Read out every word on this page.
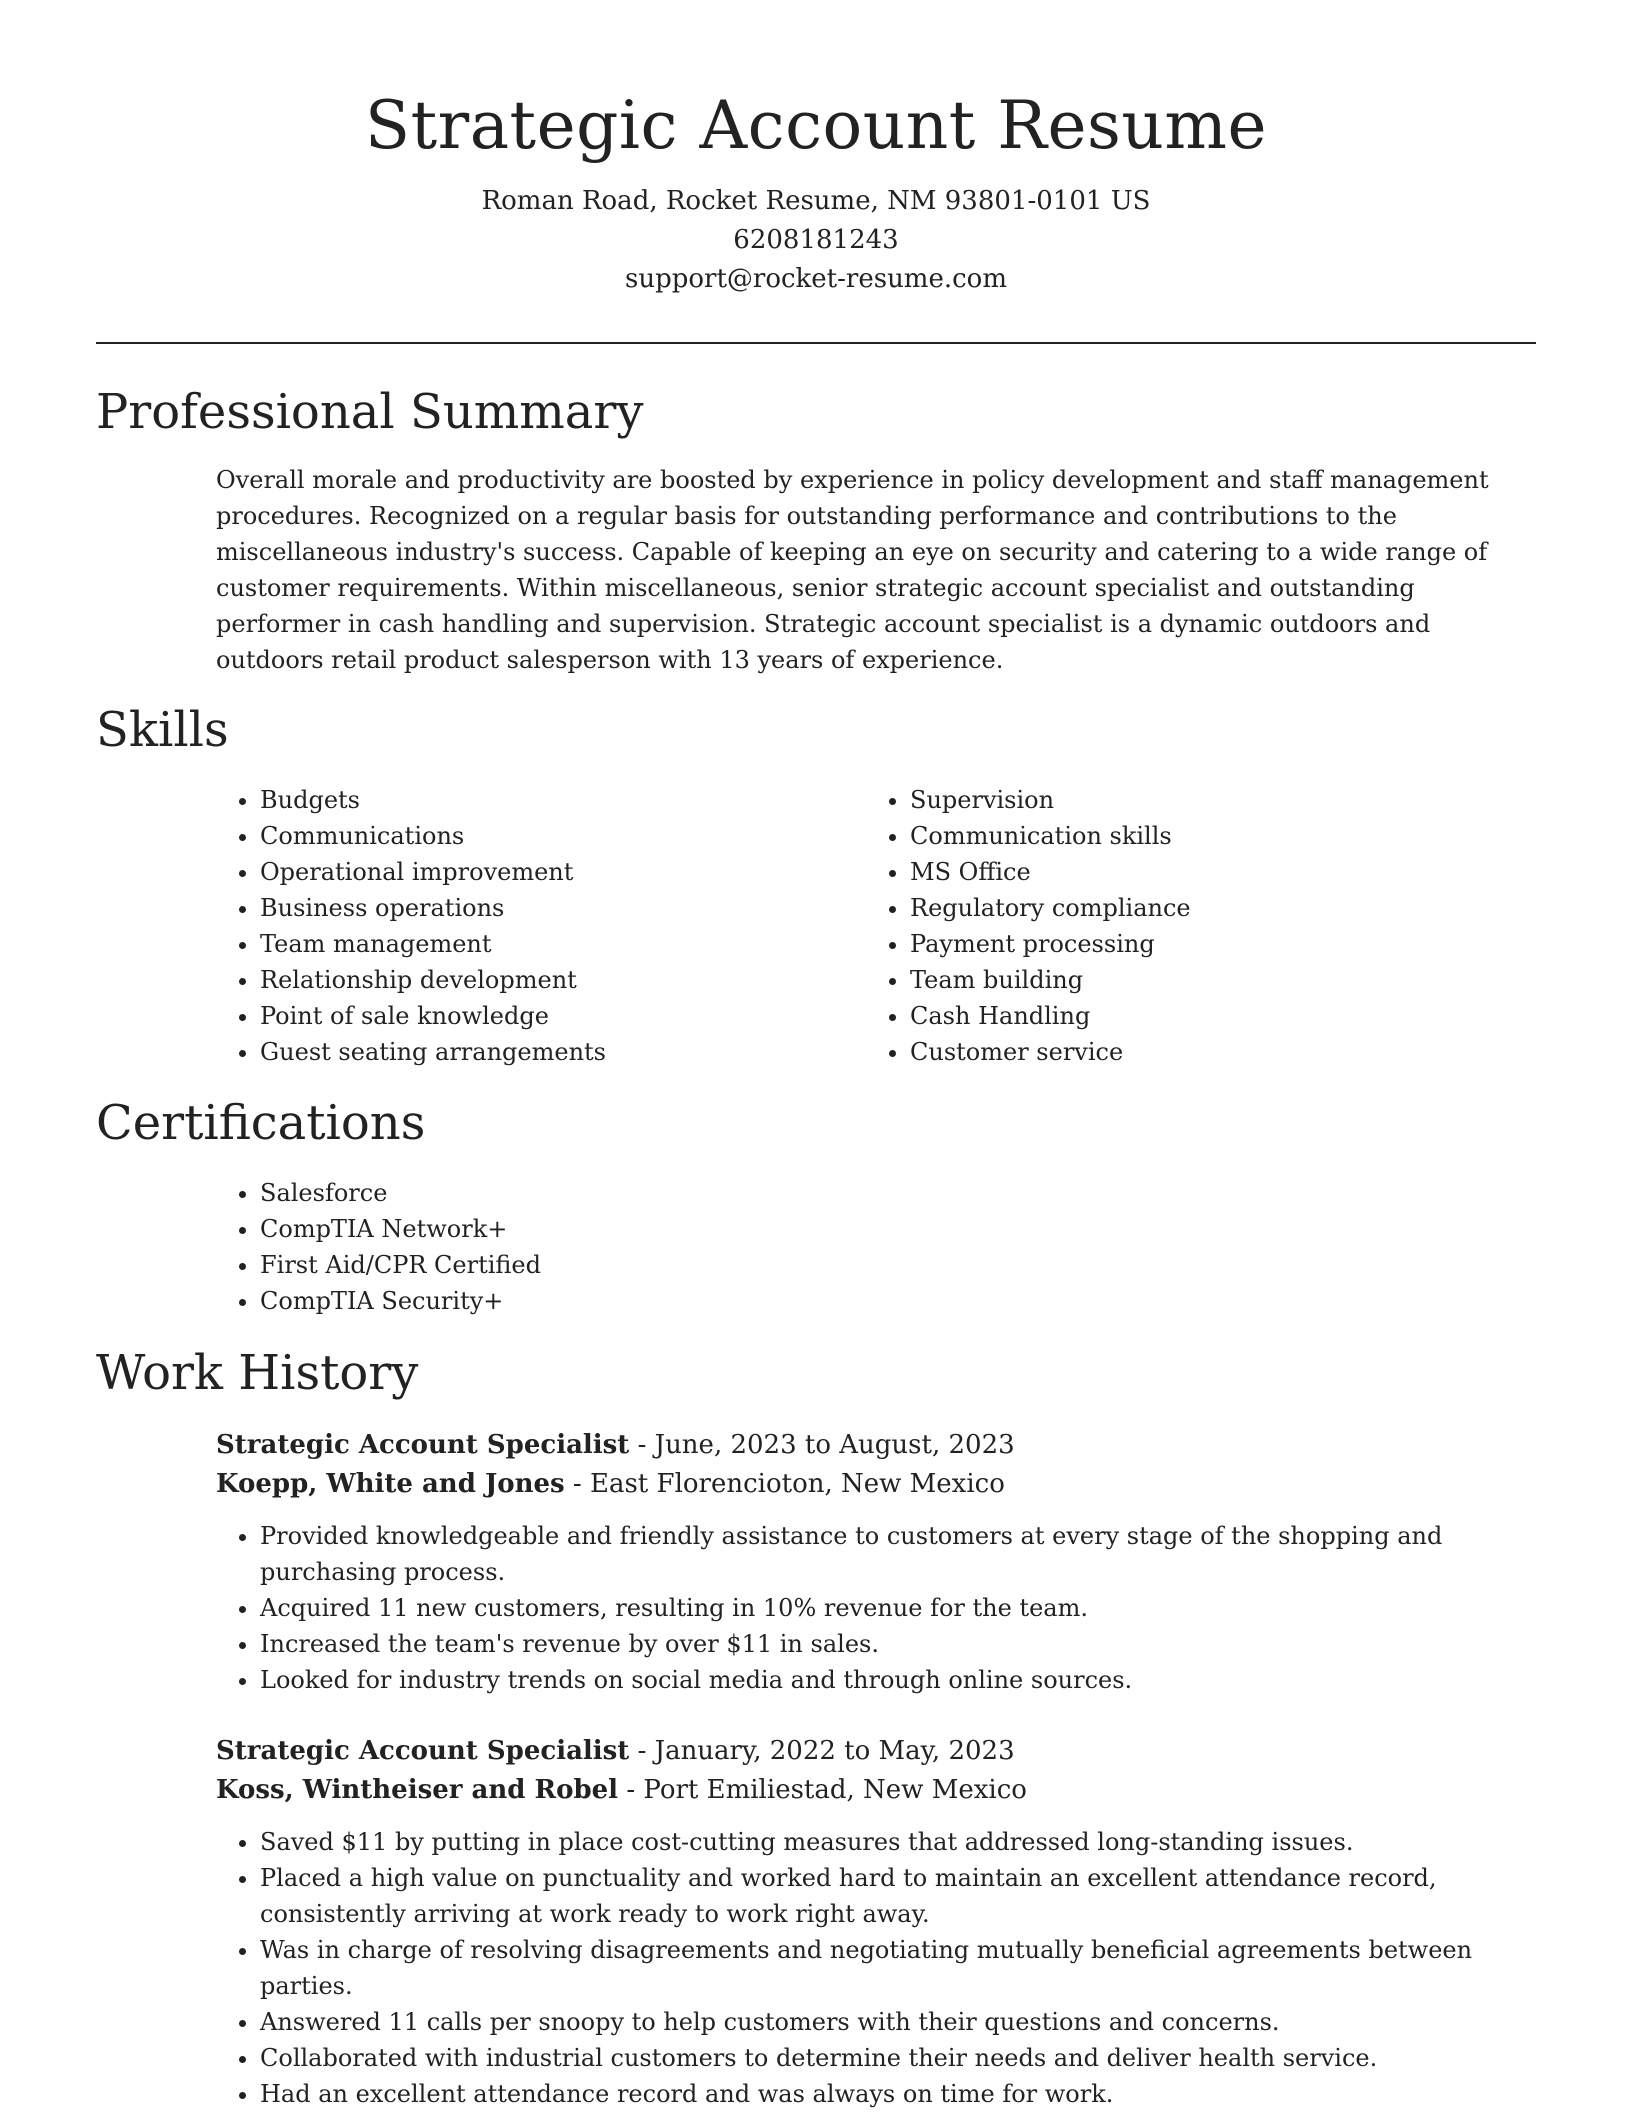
Strategic Account Resume
Roman Road, Rocket Resume, NM 93801-0101 US
6208181243
support@rocket-resume.com
Professional Summary

Overall morale and productivity are boosted by experience in policy development and staff management procedures. Recognized on a regular basis for outstanding performance and contributions to the miscellaneous industry's success. Capable of keeping an eye on security and catering to a wide range of customer requirements. Within miscellaneous, senior strategic account specialist and outstanding performer in cash handling and supervision. Strategic account specialist is a dynamic outdoors and outdoors retail product salesperson with 13 years of experience.

Skills
• Budgets
• Communications
• Operational improvement
• Business operations
• Team management
• Relationship development
• Point of sale knowledge
• Guest seating arrangements
• Supervision
• Communication skills
• MS Office
• Regulatory compliance
• Payment processing
• Team building
• Cash Handling
• Customer service
Certifications
• Salesforce
• CompTIA Network+
• First Aid/CPR Certified
• CompTIA Security+
Work History
Strategic Account Specialist - June, 2023 to August, 2023
Koepp, White and Jones - East Florencioton, New Mexico
• Provided knowledgeable and friendly assistance to customers at every stage of the shopping and purchasing process.
• Acquired 11 new customers, resulting in 10% revenue for the team.
• Increased the team's revenue by over $11 in sales.
• Looked for industry trends on social media and through online sources.
Strategic Account Specialist - January, 2022 to May, 2023
Koss, Wintheiser and Robel - Port Emiliestad, New Mexico
• Saved $11 by putting in place cost-cutting measures that addressed long-standing issues.
• Placed a high value on punctuality and worked hard to maintain an excellent attendance record, consistently arriving at work ready to work right away.
• Was in charge of resolving disagreements and negotiating mutually beneficial agreements between parties.
• Answered 11 calls per snoopy to help customers with their questions and concerns.
• Collaborated with industrial customers to determine their needs and deliver health service.
• Had an excellent attendance record and was always on time for work.
